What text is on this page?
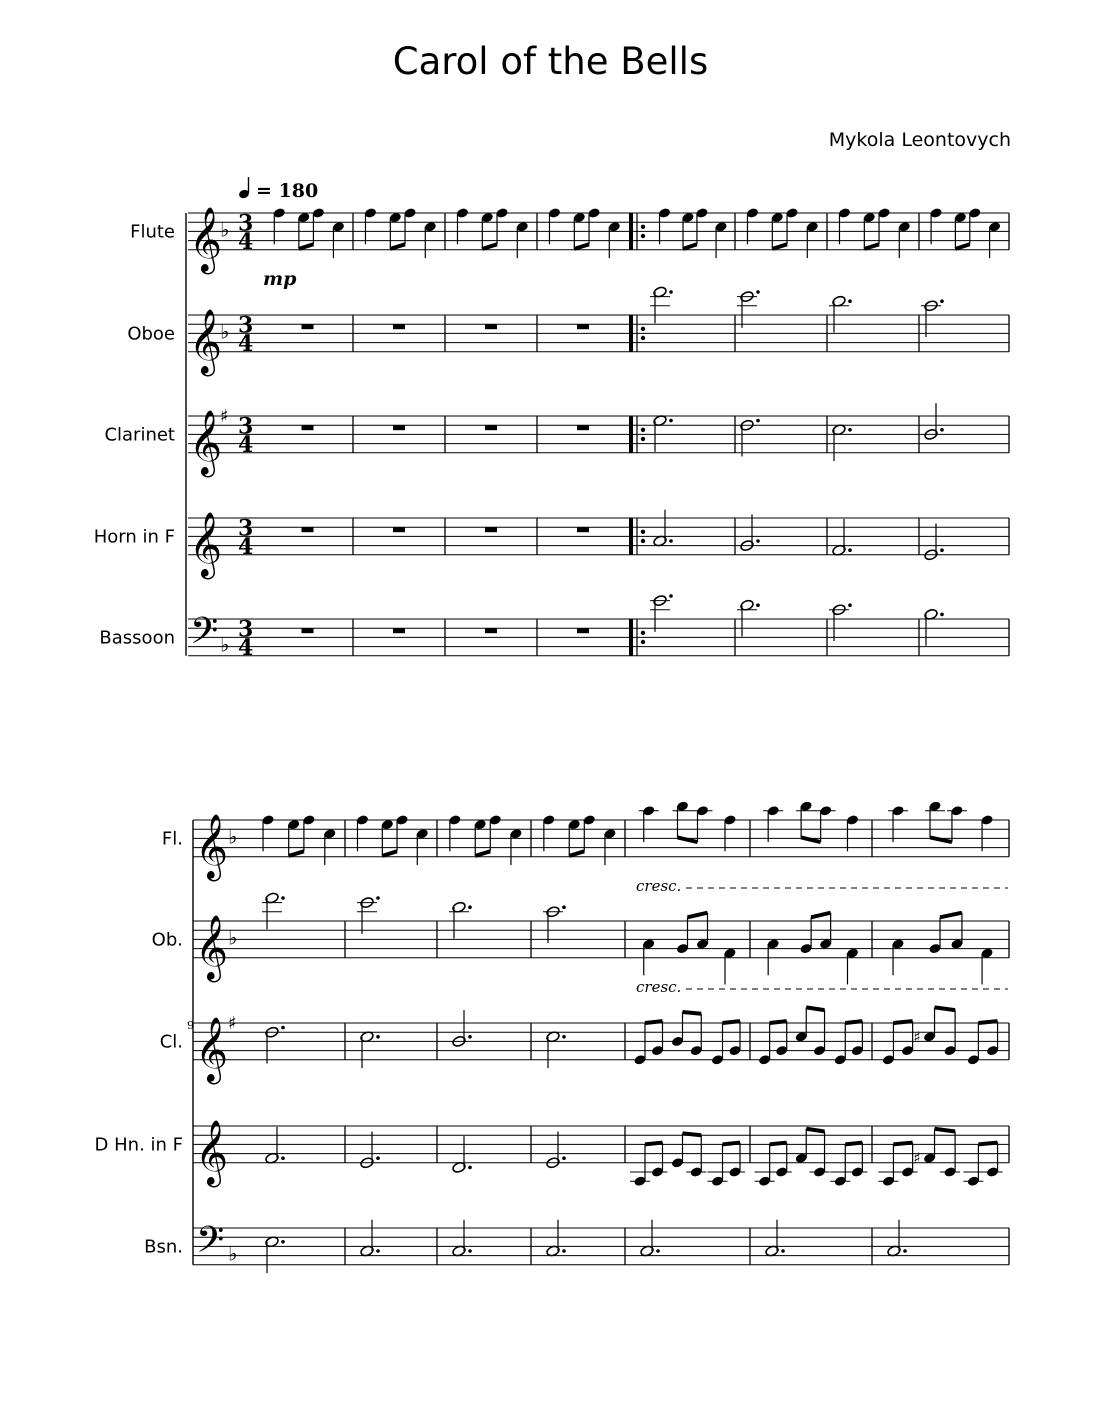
Carol of the Bells
Mykola Leontovych
= 180
mp
9
cresc.
cresc.
Flute 𝄞
♭ 3
4
Oboe 𝄞
♭ 3
4
Clarinet 𝄞
♯ 3
4
Horn in F 𝄞 3
4
Bassoon 𝄢 ♭
3
4
Fl. 𝄞 ♭
Ob. 𝄞 ♭
Cl. 𝄞 ♯
D Hn. in F 𝄞
Bsn. 𝄢 ♭
♯
♯
